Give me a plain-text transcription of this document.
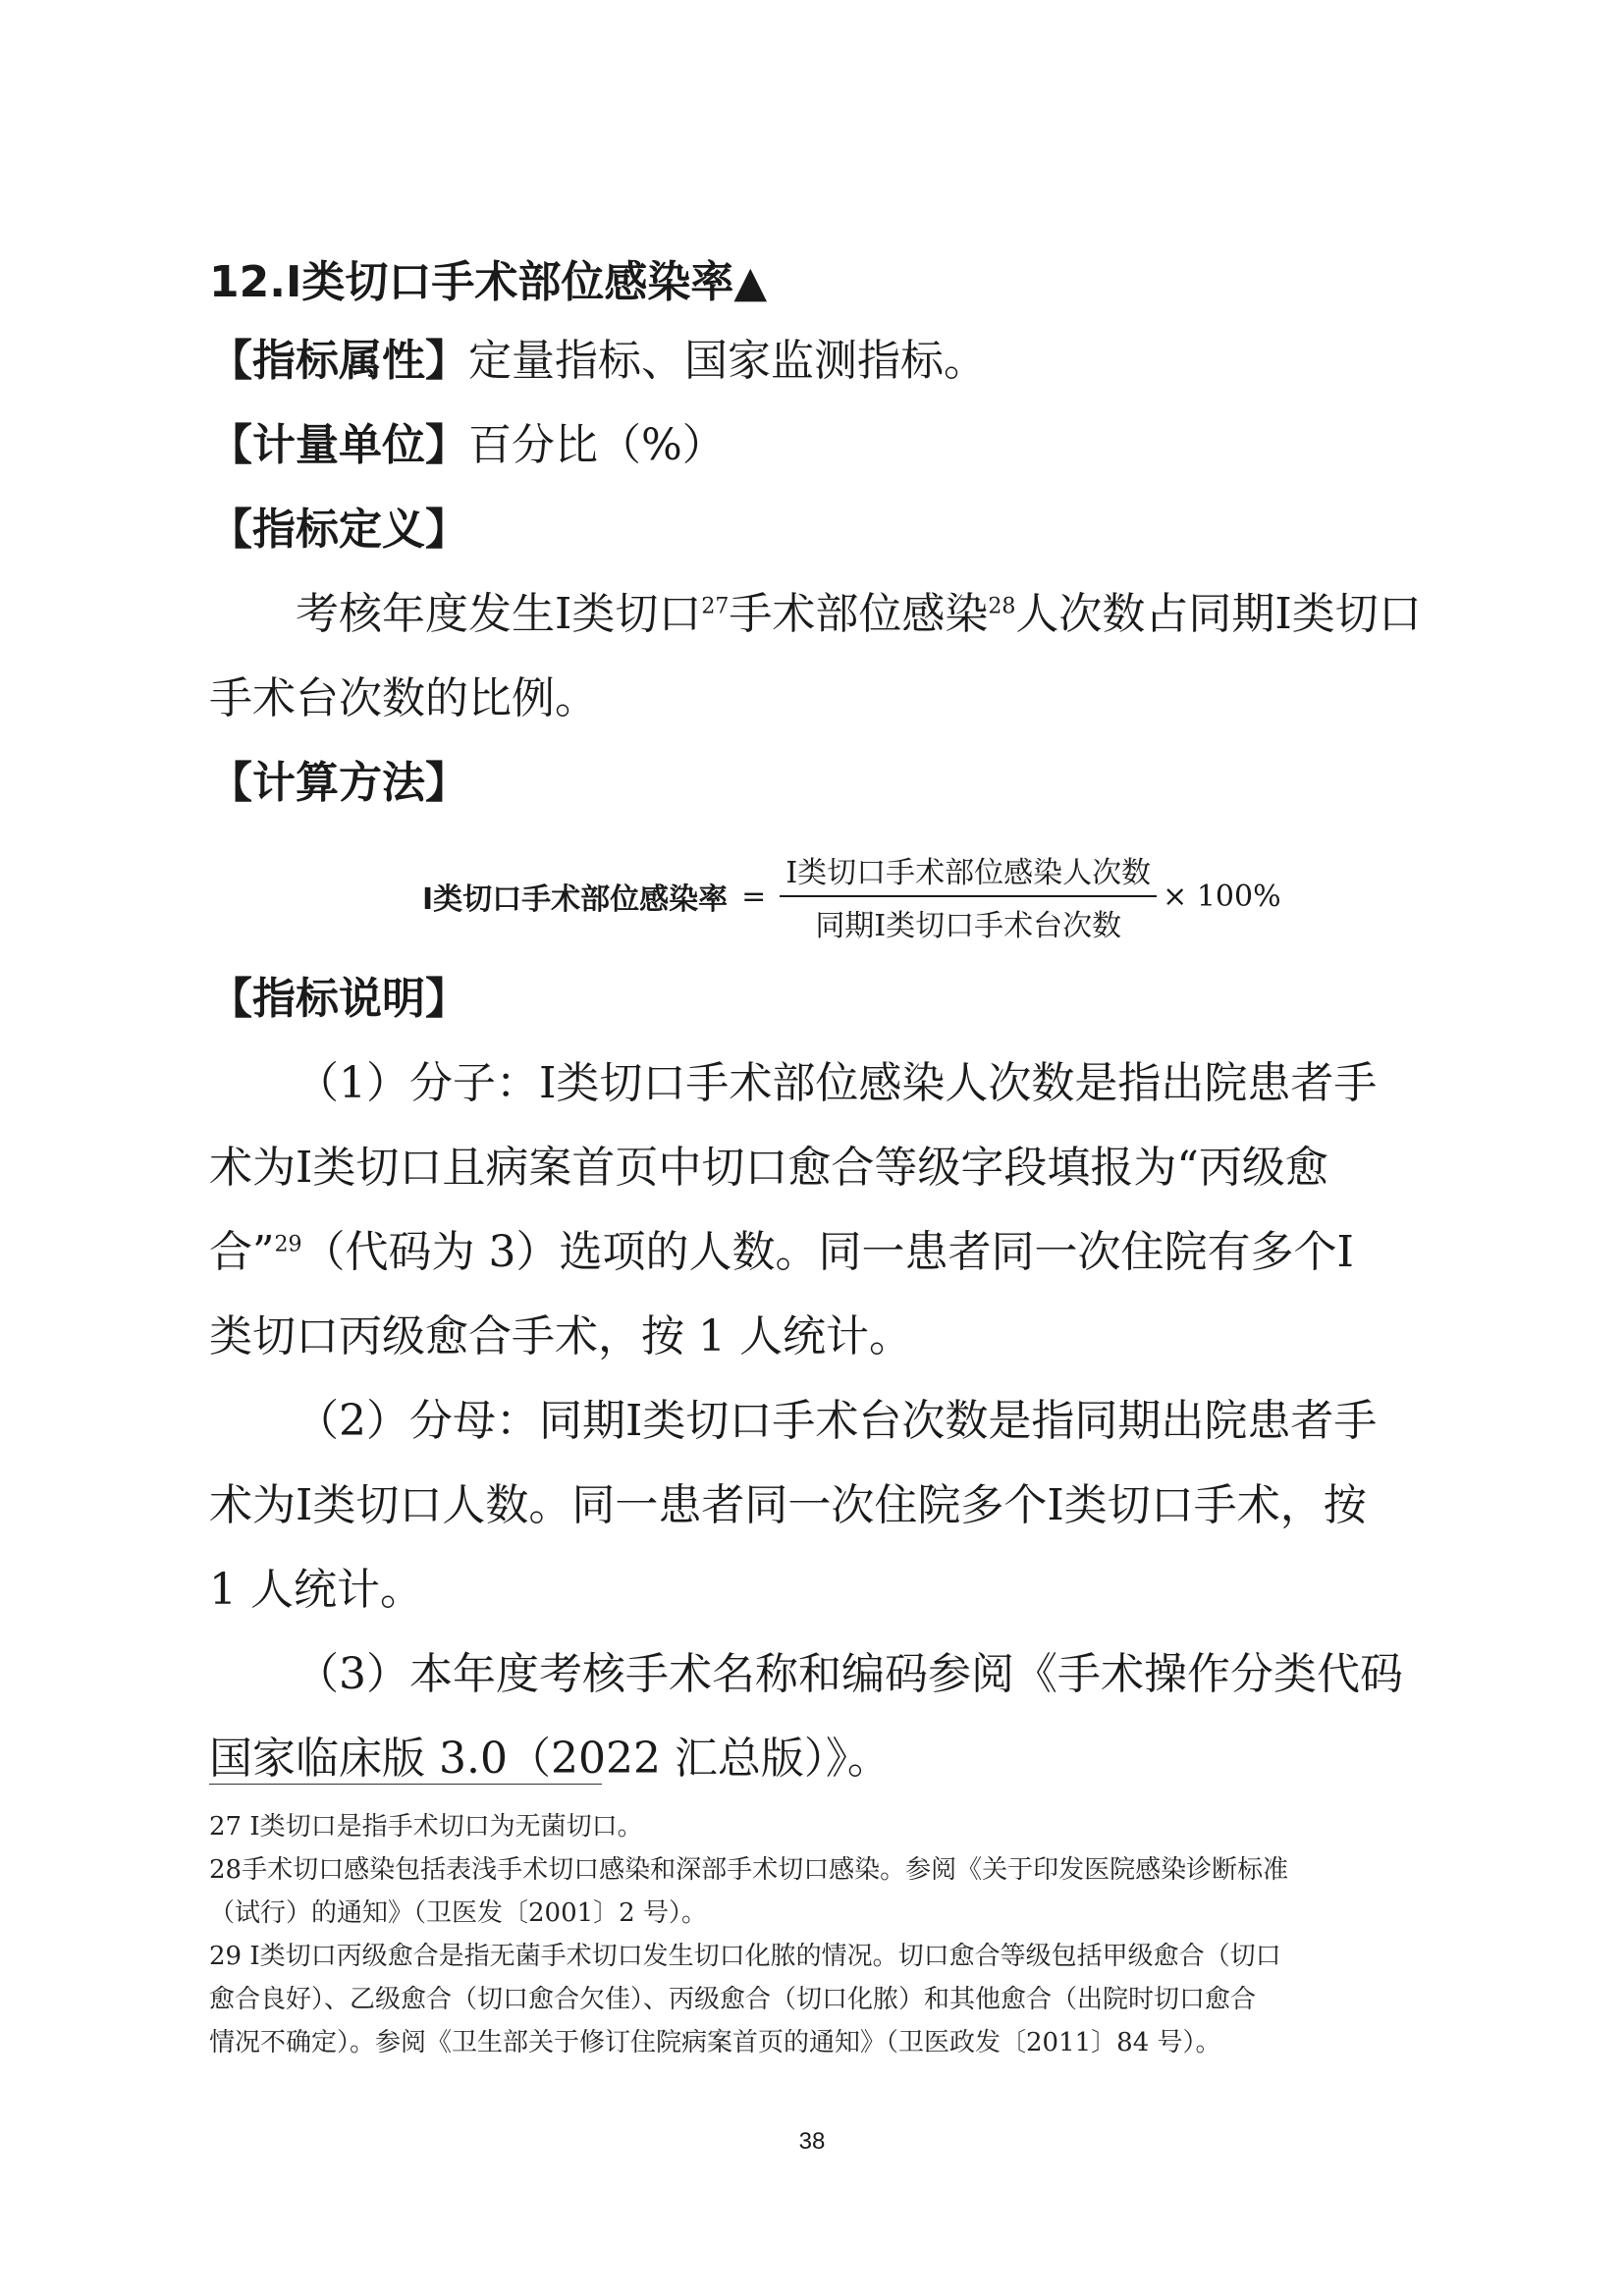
12.Ⅰ类切口手术部位感染率▲
【指标属性】定量指标、国家监测指标。
【计量单位】百分比（%）
【指标定义】
考核年度发生Ⅰ类切口$^{27}$手术部位感染$^{28}$人次数占同期Ⅰ类切口
手术台次数的比例。
【计算方法】
Ⅰ类切口手术部位感染率 = $\frac{\text{Ⅰ类切口手术部位感染人次数}}{\text{同期Ⅰ类切口手术台次数}} \times 100\%$
【指标说明】
（1）分子：Ⅰ类切口手术部位感染人次数是指出院患者手
术为Ⅰ类切口且病案首页中切口愈合等级字段填报为“丙级愈
合”$^{29}$（代码为 3）选项的人数。同一患者同一次住院有多个Ⅰ
类切口丙级愈合手术，按 1 人统计。
（2）分母：同期Ⅰ类切口手术台次数是指同期出院患者手
术为Ⅰ类切口人数。同一患者同一次住院多个Ⅰ类切口手术，按
1 人统计。
（3）本年度考核手术名称和编码参阅《手术操作分类代码
国家临床版 3.0（2022 汇总版）》。
27 Ⅰ类切口是指手术切口为无菌切口。
28手术切口感染包括表浅手术切口感染和深部手术切口感染。参阅《关于印发医院感染诊断标准
（试行）的通知》（卫医发〔2001〕2 号）。
29 Ⅰ类切口丙级愈合是指无菌手术切口发生切口化脓的情况。切口愈合等级包括甲级愈合（切口
愈合良好）、乙级愈合（切口愈合欠佳）、丙级愈合（切口化脓）和其他愈合（出院时切口愈合
情况不确定）。参阅《卫生部关于修订住院病案首页的通知》（卫医政发〔2011〕84 号）。
38
